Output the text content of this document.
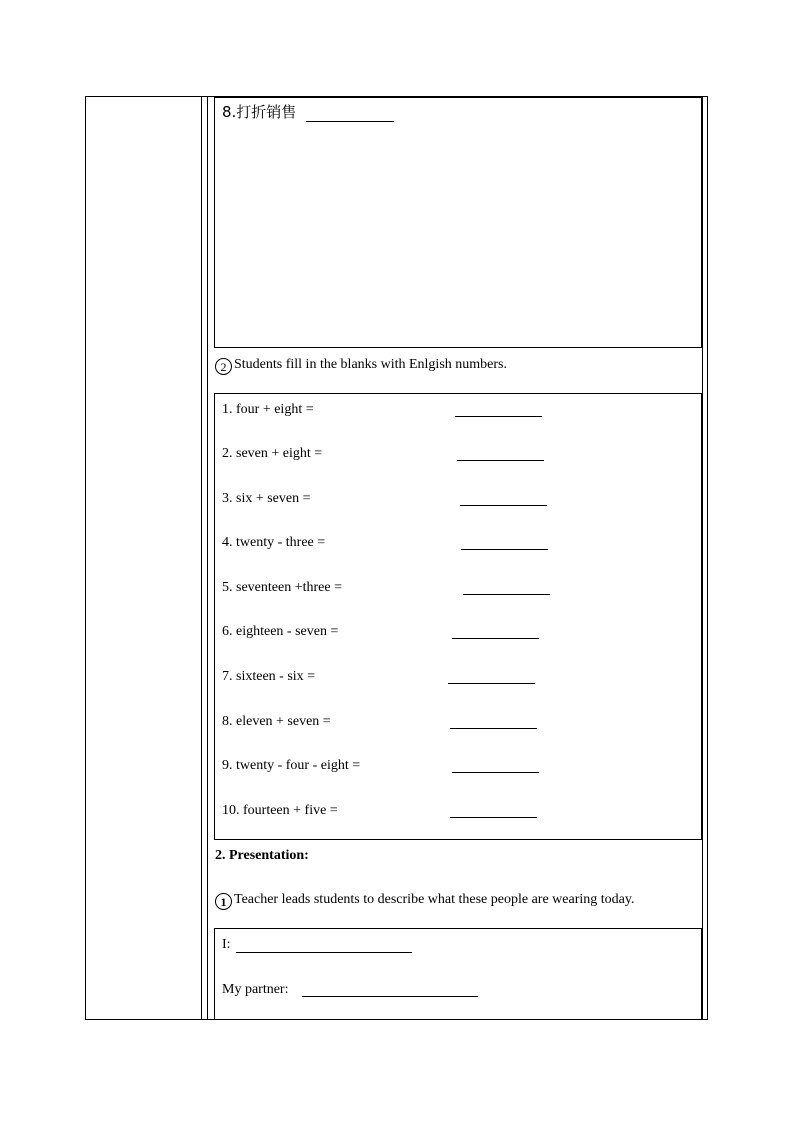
8.打折销售
2 Students fill in the blanks with Enlgish numbers.
1. four + eight =
2. seven + eight =
3. six + seven =
4. twenty - three =
5. seventeen +three =
6. eighteen - seven =
7. sixteen - six =
8. eleven + seven =
9. twenty - four - eight =
10. fourteen + five =
2. Presentation:
1 Teacher leads students to describe what these people are wearing today.
I:
My partner:
